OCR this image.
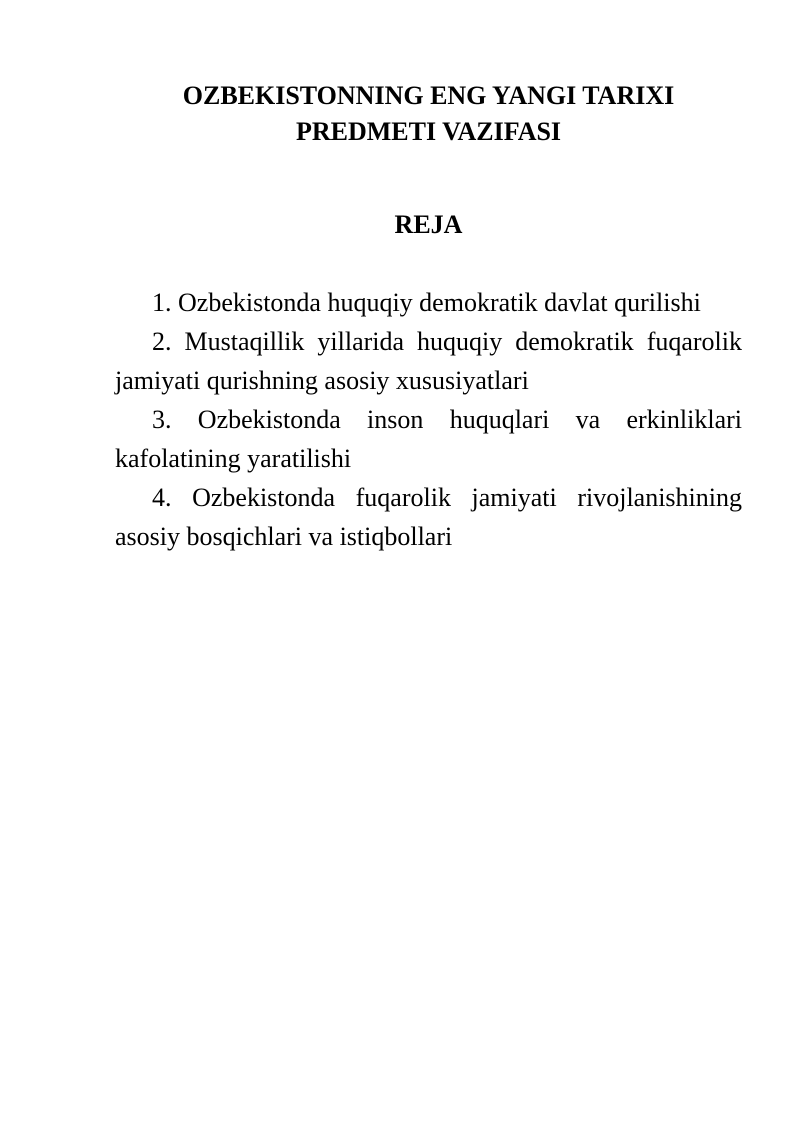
OZBEKISTONNING ENG YANGI TARIXI
PREDMETI VAZIFASI
REJA
1. Ozbekistonda huquqiy demokratik davlat qurilishi
2. Mustaqillik yillarida huquqiy demokratik fuqarolik jamiyati qurishning asosiy xususiyatlari
3. Ozbekistonda inson huquqlari va erkinliklari kafolatining yaratilishi
4. Ozbekistonda fuqarolik jamiyati rivojlanishining asosiy bosqichlari va istiqbollari
